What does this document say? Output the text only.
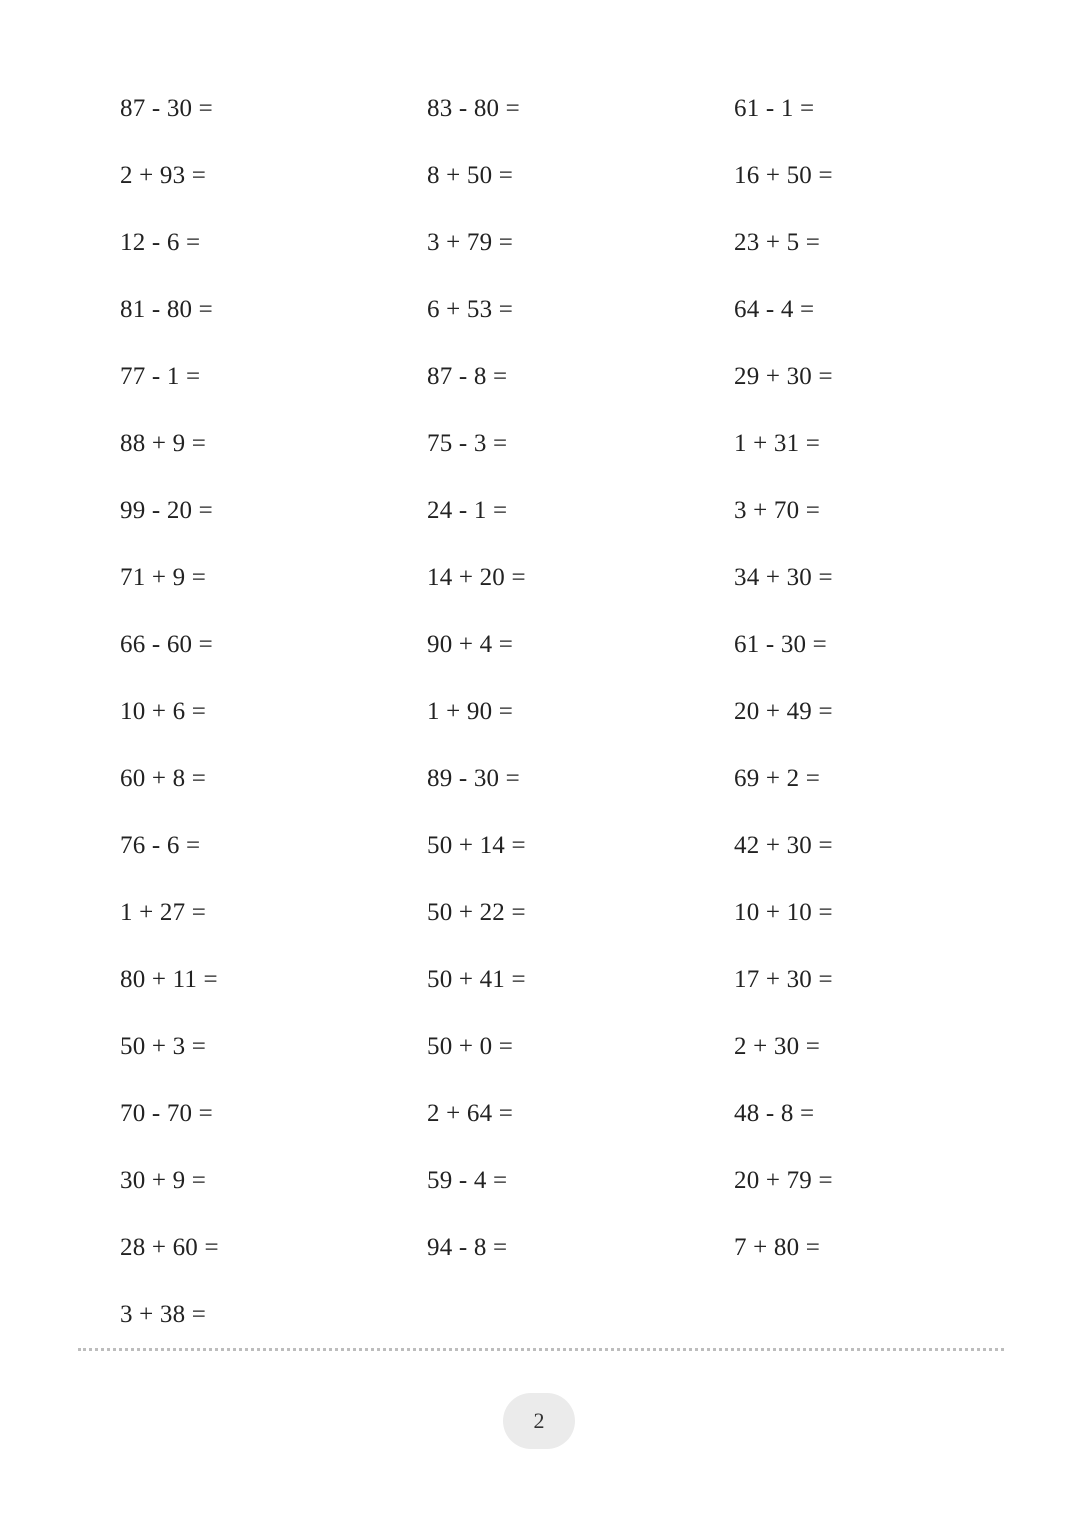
87 - 30 =	83 - 80 =	61 - 1 =
2 + 93 =	8 + 50 =	16 + 50 =
12 - 6 =	3 + 79 =	23 + 5 =
81 - 80 =	6 + 53 =	64 - 4 =
77 - 1 =	87 - 8 =	29 + 30 =
88 + 9 =	75 - 3 =	1 + 31 =
99 - 20 =	24 - 1 =	3 + 70 =
71 + 9 =	14 + 20 =	34 + 30 =
66 - 60 =	90 + 4 =	61 - 30 =
10 + 6 =	1 + 90 =	20 + 49 =
60 + 8 =	89 - 30 =	69 + 2 =
76 - 6 =	50 + 14 =	42 + 30 =
1 + 27 =	50 + 22 =	10 + 10 =
80 + 11 =	50 + 41 =	17 + 30 =
50 + 3 =	50 + 0 =	2 + 30 =
70 - 70 =	2 + 64 =	48 - 8 =
30 + 9 =	59 - 4 =	20 + 79 =
28 + 60 =	94 - 8 =	7 + 80 =
3 + 38 =
2
